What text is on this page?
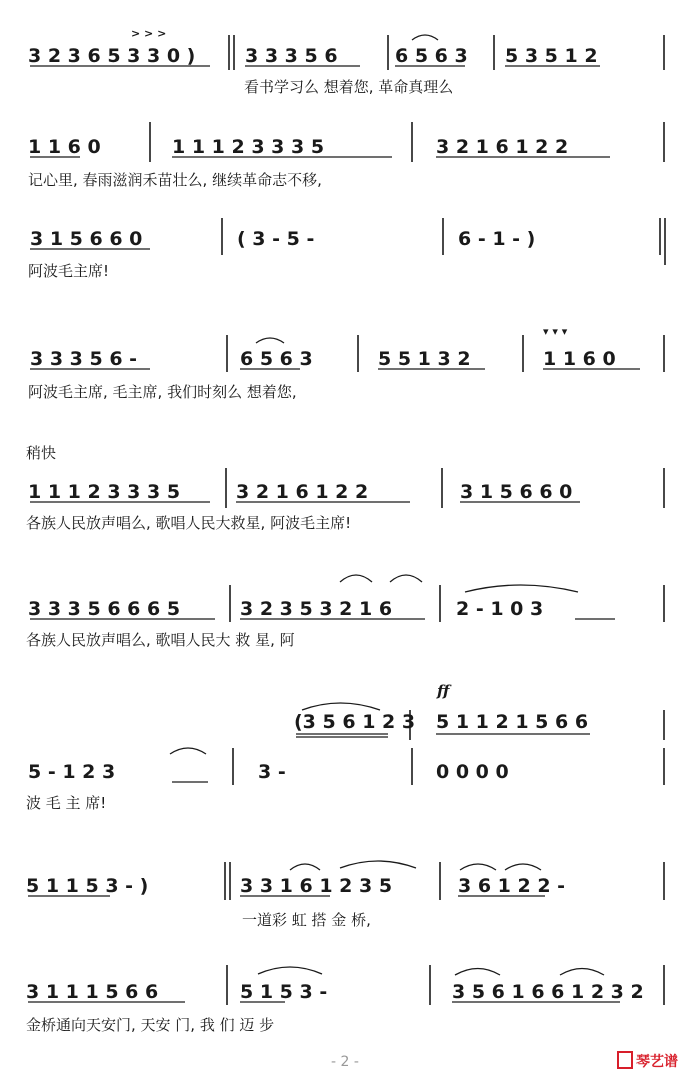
3 2 3 6 5 3 3 0 )
> > >
3 3 3 5 6	6 5 6 3 5 3 5 1 2
看书学习么 想着您, 革命真理么
1 1 6 0	1 1 1 2 3 3 3 5	3 2 1 6 1 2 2
记心里, 春雨滋润禾苗壮么, 继续革命志不移,
3 1 5 6 6 0	( 3 - 5 -	6 - 1 - )
阿波毛主席!
3 3 3 5 6 -	6 5 6 3	5 5 1 3 2	1 1 6 0
▾ ▾ ▾
阿波毛主席, 毛主席, 我们时刻么 想着您,
稍快
1 1 1 2 3 3 3 5	3 2 1 6 1 2 2	3 1 5 6 6 0
各族人民放声唱么, 歌唱人民大救星, 阿波毛主席!
3 3 3 5 6 6 6 5	3 2 3 5 3 2 1 6	2 - 1 0 3
各族人民放声唱么, 歌唱人民大 救 星, 阿
ff
(3 5 6 1 2 3 5 1 1 2 1 5 6 6
5 - 1 2 3	3 -	0 0 0 0
波 毛 主 席!
5 1 1 5 3 - )	3 3 1 6 1 2 3 5	3 6 1 2 2 -
一道彩 虹 搭 金 桥,
3 1 1 1 5 6 6	5 1 5 3 -	3 5 6 1 6 6 1 2 3 2
金桥通向天安门, 天安 门, 我 们 迈 步
- 2 -	琴艺谱
